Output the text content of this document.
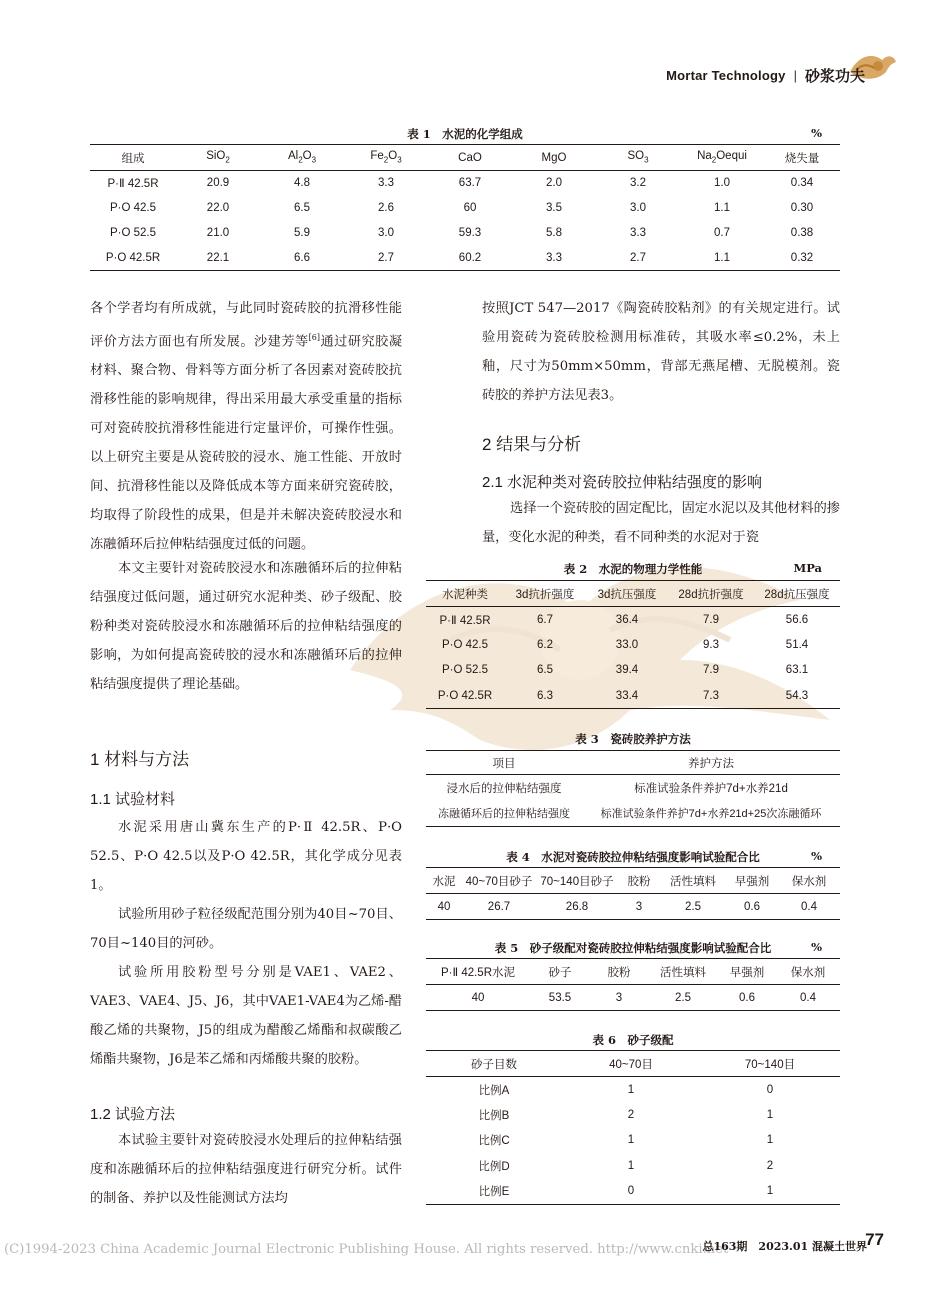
Mortar Technology | 砂浆功夫
表 1　水泥的化学组成	%
组成	SiO$_2$	$Al_2O_3$	$Fe_2O_3$	CaO	MgO	$SO_3$	$Na_2Oequi$	烧失量
P·Ⅱ 42.5R	20.9	4.8	3.3	63.7	2.0	3.2	1.0	0.34
P·O 42.5	22.0	6.5	2.6	60	3.5	3.0	1.1	0.30
P·O 52.5	21.0	5.9	3.0	59.3	5.8	3.3	0.7	0.38
P·O 42.5R	22.1	6.6	2.7	60.2	3.3	2.7	1.1	0.32

各个学者均有所成就，与此同时瓷砖胶的抗滑移性能评价方法方面也有所发展。沙建芳等[6]通过研究胶凝材料、聚合物、骨料等方面分析了各因素对瓷砖胶抗滑移性能的影响规律，得出采用最大承受重量的指标可对瓷砖胶抗滑移性能进行定量评价，可操作性强。以上研究主要是从瓷砖胶的浸水、施工性能、开放时间、抗滑移性能以及降低成本等方面来研究瓷砖胶，均取得了阶段性的成果，但是并未解决瓷砖胶浸水和冻融循环后拉伸粘结强度过低的问题。

本文主要针对瓷砖胶浸水和冻融循环后的拉伸粘结强度过低问题，通过研究水泥种类、砂子级配、胶粉种类对瓷砖胶浸水和冻融循环后的拉伸粘结强度的影响，为如何提高瓷砖胶的浸水和冻融循环后的拉伸粘结强度提供了理论基础。

1 材料与方法
1.1 试验材料

水泥采用唐山冀东生产的P·Ⅱ 42.5R、P·O 52.5、P·O 42.5以及P·O 42.5R，其化学成分见表1。

试验所用砂子粒径级配范围分别为40目~70目、70目~140目的河砂。

试验所用胶粉型号分别是VAE1、VAE2、VAE3、VAE4、J5、J6，其中VAE1-VAE4为乙烯-醋酸乙烯的共聚物，J5的组成为醋酸乙烯酯和叔碳酸乙烯酯共聚物，J6是苯乙烯和丙烯酸共聚的胶粉。

1.2 试验方法

本试验主要针对瓷砖胶浸水处理后的拉伸粘结强度和冻融循环后的拉伸粘结强度进行研究分析。试件的制备、养护以及性能测试方法均

按照JCT 547—2017《陶瓷砖胶粘剂》的有关规定进行。试验用瓷砖为瓷砖胶检测用标准砖，其吸水率≤0.2%，未上釉，尺寸为50mm×50mm，背部无燕尾槽、无脱模剂。瓷砖胶的养护方法见表3。

2 结果与分析
2.1 水泥种类对瓷砖胶拉伸粘结强度的影响

选择一个瓷砖胶的固定配比，固定水泥以及其他材料的掺量，变化水泥的种类，看不同种类的水泥对于瓷

表 2　水泥的物理力学性能	MPa
水泥种类	3d抗折强度	3d抗压强度	28d抗折强度	28d抗压强度
P·Ⅱ 42.5R	6.7	36.4	7.9	56.6
P·O 42.5	6.2	33.0	9.3	51.4
P·O 52.5	6.5	39.4	7.9	63.1
P·O 42.5R	6.3	33.4	7.3	54.3
表 3　瓷砖胶养护方法
项目	养护方法
浸水后的拉伸粘结强度	标准试验条件养护7d+水养21d
冻融循环后的拉伸粘结强度	标准试验条件养护7d+水养21d+25次冻融循环
表 4　水泥对瓷砖胶拉伸粘结强度影响试验配合比	%
水泥	40~70目砂子	70~140目砂子	胶粉	活性填料	早强剂	保水剂
40	26.7	26.8	3	2.5	0.6	0.4
表 5　砂子级配对瓷砖胶拉伸粘结强度影响试验配合比	%
P·Ⅱ 42.5R水泥	砂子	胶粉	活性填料	早强剂	保水剂
40	53.5	3	2.5	0.6	0.4
表 6　砂子级配
砂子目数	40~70目	70~140目
比例A	1	0
比例B	2	1
比例C	1	1
比例D	1	2
比例E	0	1
(C)1994-2023 China Academic Journal Electronic Publishing House. All rights reserved. http://www.cnki.net
总163期　2023.01 混凝土世界
77
